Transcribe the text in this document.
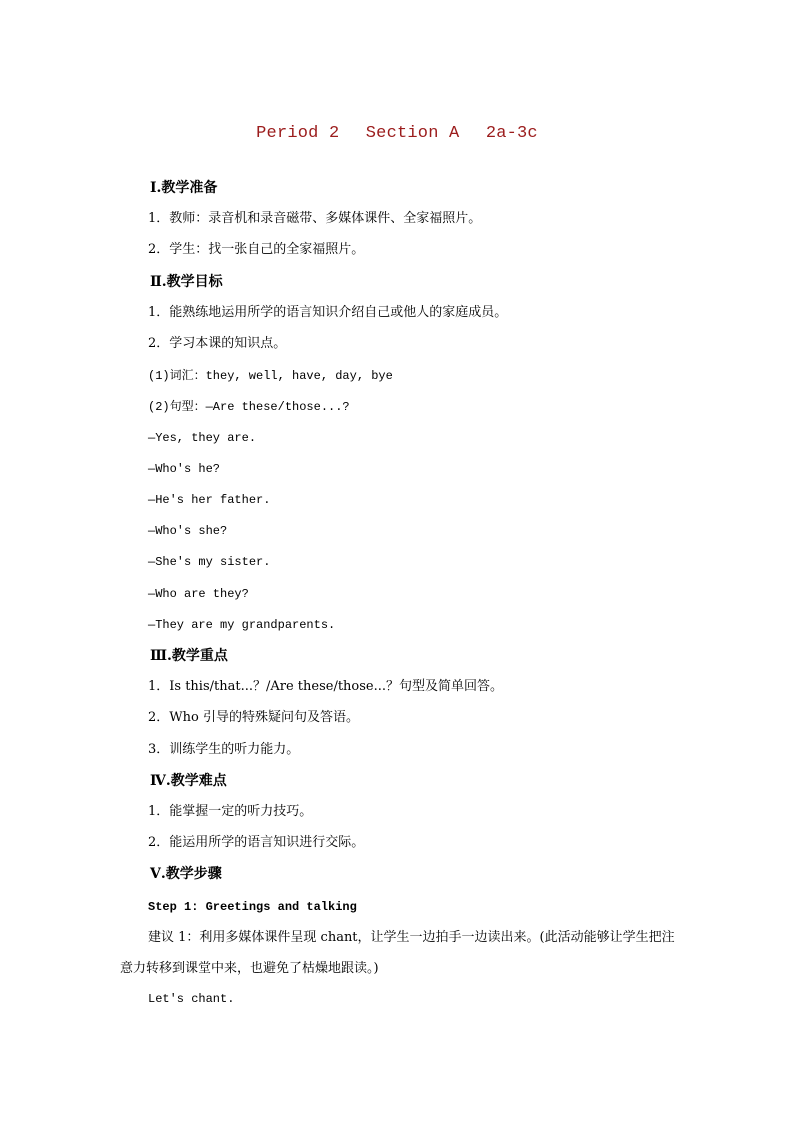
Period 2 Section A 2a-3c
Ⅰ.教学准备
1．教师：录音机和录音磁带、多媒体课件、全家福照片。
2．学生：找一张自己的全家福照片。
Ⅱ.教学目标
1．能熟练地运用所学的语言知识介绍自己或他人的家庭成员。
2．学习本课的知识点。
(1)词汇：they, well, have, day, bye
(2)句型：—Are these/those...?
—Yes, they are.
—Who's he?
—He's her father.
—Who's she?
—She's my sister.
—Who are they?
—They are my grandparents.
Ⅲ.教学重点
1．Is this/that...？/Are these/those...？句型及简单回答。
2．Who 引导的特殊疑问句及答语。
3．训练学生的听力能力。
Ⅳ.教学难点
1．能掌握一定的听力技巧。
2．能运用所学的语言知识进行交际。
Ⅴ.教学步骤
Step 1: Greetings and talking
建议 1：利用多媒体课件呈现 chant，让学生一边拍手一边读出来。(此活动能够让学生把注意力转移到课堂中来，也避免了枯燥地跟读。)
Let's chant.
